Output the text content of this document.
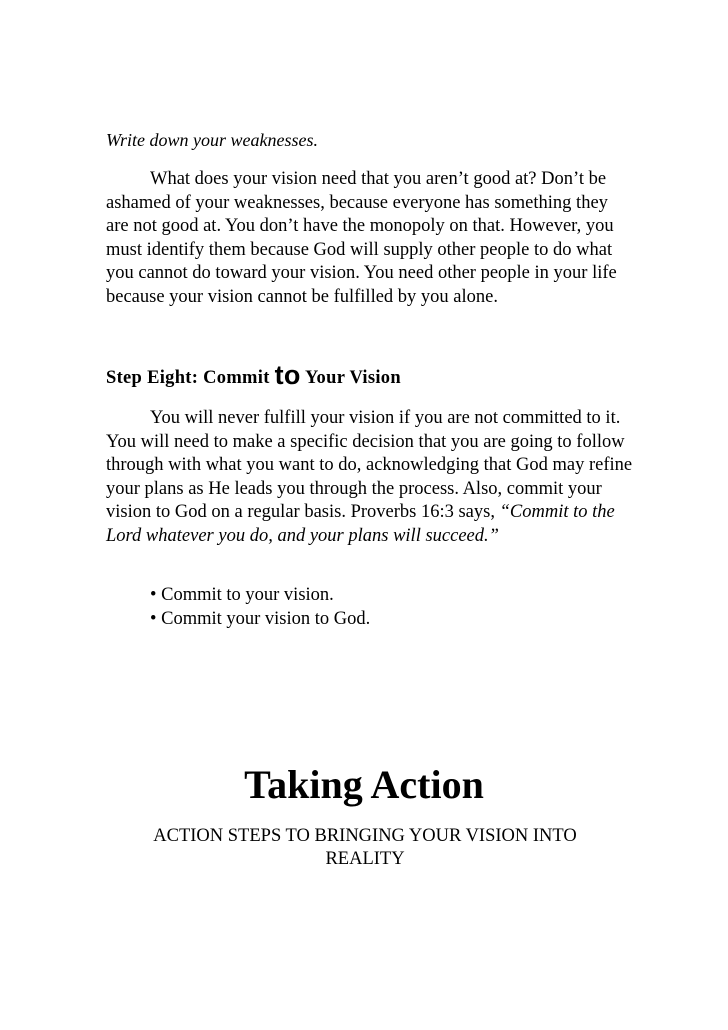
Write down your weaknesses.

What does your vision need that you aren’t good at? Don’t be ashamed of your weaknesses, because everyone has something they are not good at. You don’t have the monopoly on that. However, you must identify them because God will supply other people to do what you cannot do toward your vision. You need other people in your life because your vision cannot be fulfilled by you alone.

Step Eight: Commit to Your Vision

You will never fulfill your vision if you are not committed to it. You will need to make a specific decision that you are going to follow through with what you want to do, acknowledging that God may refine your plans as He leads you through the process. Also, commit your vision to God on a regular basis. Proverbs 16:3 says, “Commit to the Lord whatever you do, and your plans will succeed.”

• Commit to your vision.
• Commit your vision to God.
Taking Action

ACTION STEPS TO BRINGING YOUR VISION INTO REALITY
